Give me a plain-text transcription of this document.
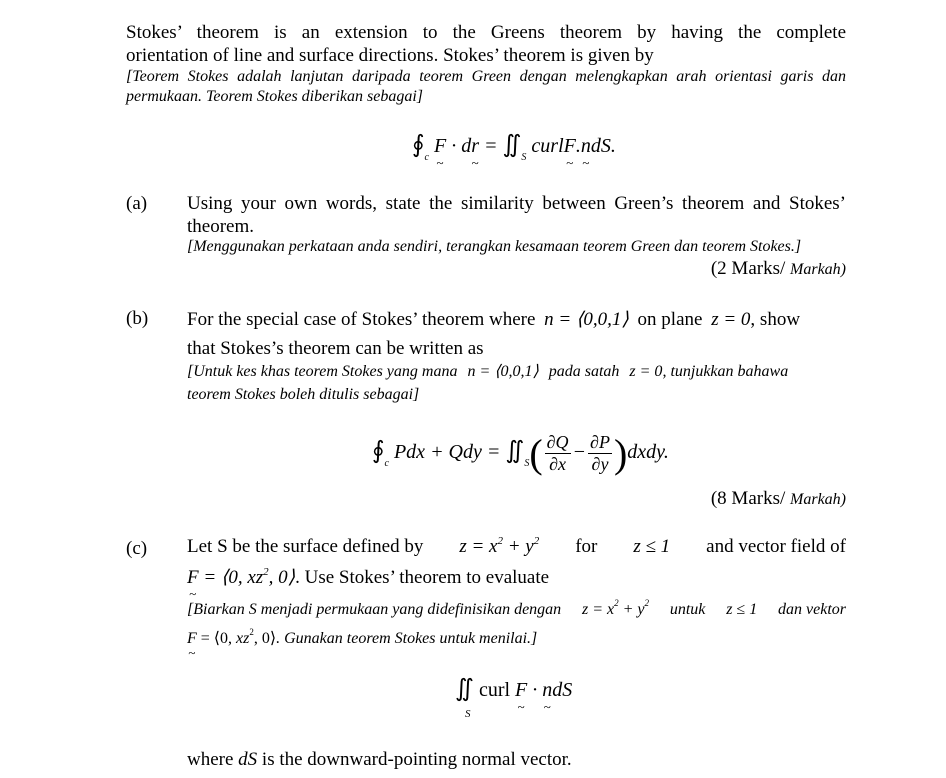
Stokes’ theorem is an extension to the Greens theorem by having the complete
orientation of line and surface directions. Stokes’ theorem is given by
[Teorem Stokes adalah lanjutan daripada teorem Green dengan melengkapkan arah orientasi garis dan
permukaan. Teorem Stokes diberikan sebagai]
$∮_c$ F ~ · dr ~ = $∬_S$ curlF ~.n ~dS.
(a) Using your own words, state the similarity between Green’s theorem and Stokes’
theorem.
[Menggunakan perkataan anda sendiri, terangkan kesamaan teorem Green dan teorem Stokes.]
(2 Marks/ Markah)
(b) For the special case of Stokes’ theorem where n = ⟨0,0,1⟩ on plane z = 0, show
that Stokes’s theorem can be written as
[Untuk kes khas teorem Stokes yang mana n = ⟨0,0,1⟩ pada satah z = 0, tunjukkan bahawa
teorem Stokes boleh ditulis sebagai]
$∮_c$ Pdx + Qdy = $∬_S( \frac{\partial Q}{\partial x} - \frac{\partial P}{\partial y}$ )dxdy.
(8 Marks/ Markah)
(c) Let S be the surface defined by $z = x^2 + y^2$ for z ≤ 1 and vector field of
F ~ = ⟨0, $xz^2$, 0⟩. Use Stokes’ theorem to evaluate
[Biarkan S menjadi permukaan yang didefinisikan dengan $z = x^2 + y^2$ untuk z ≤ 1 dan vektor
F ~ = ⟨0, $xz^2$, 0⟩. Gunakan teorem Stokes untuk menilai.]
∬ curl F ~ · n ~dS
S
where dS is the downward-pointing normal vector.
